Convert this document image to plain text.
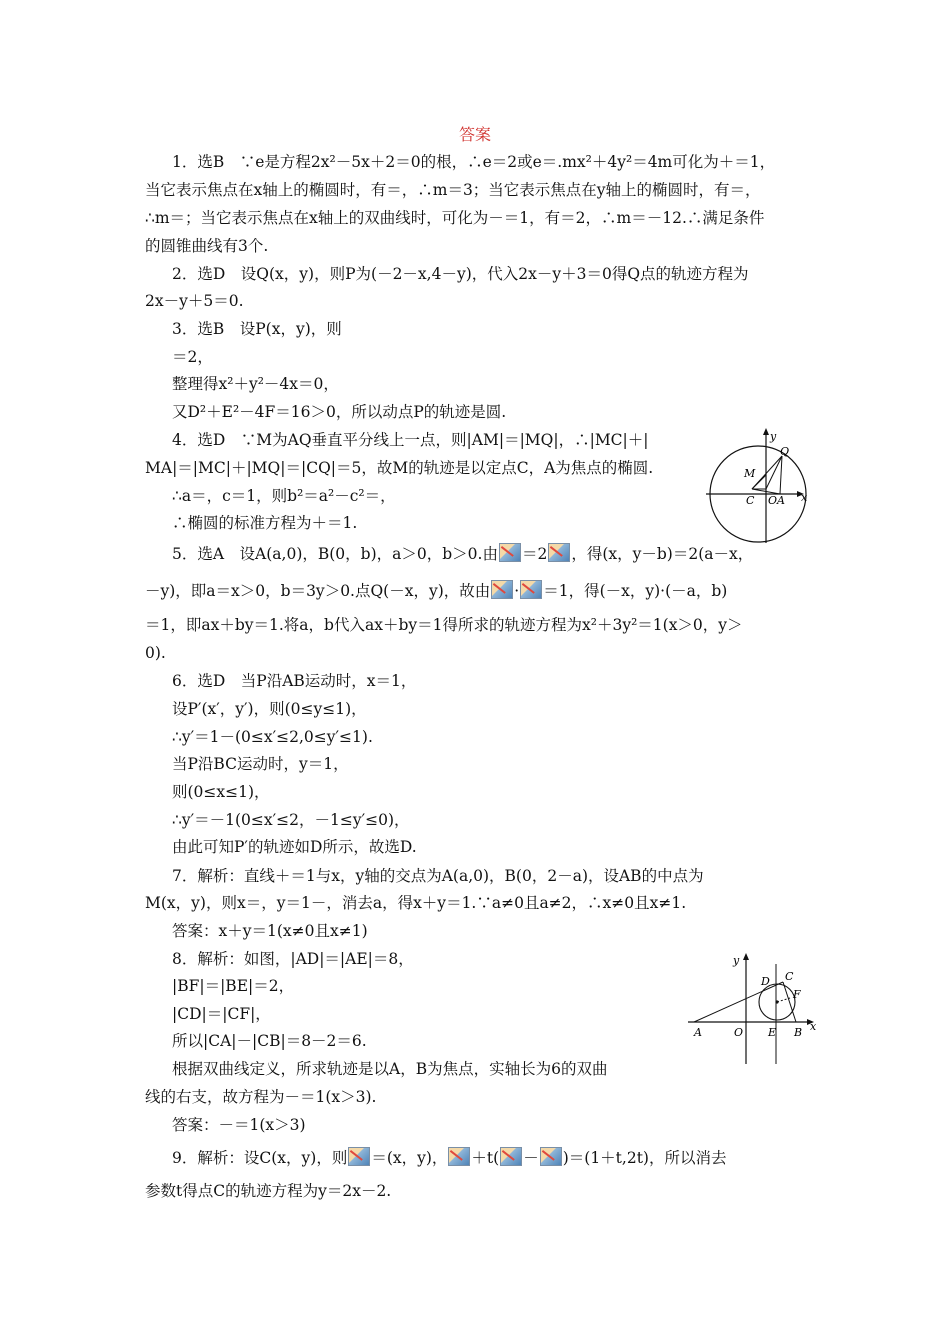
答案
1．选B　∵e是方程2x²－5x＋2＝0的根，∴e＝2或e＝.mx²＋4y²＝4m可化为＋＝1，
当它表示焦点在x轴上的椭圆时，有＝，∴m＝3；当它表示焦点在y轴上的椭圆时，有＝，
∴m＝；当它表示焦点在x轴上的双曲线时，可化为－＝1，有＝2，∴m＝－12.∴满足条件
的圆锥曲线有3个.
2．选D　设Q(x，y)，则P为(－2－x,4－y)，代入2x－y＋3＝0得Q点的轨迹方程为
2x－y＋5＝0.
3．选B　设P(x，y)，则
＝2，
整理得x²＋y²－4x＝0，
又D²＋E²－4F＝16＞0，所以动点P的轨迹是圆.
4．选D　∵M为AQ垂直平分线上一点，则|AM|＝|MQ|，∴|MC|＋|
MA|＝|MC|＋|MQ|＝|CQ|＝5，故M的轨迹是以定点C，A为焦点的椭圆.
∴a＝，c＝1，则b²＝a²－c²＝，
∴椭圆的标准方程为＋＝1.
y
x
Q
M
C O A
5．选A　设A(a,0)，B(0，b)，a＞0，b＞0.由 ＝2 ，得(x，y－b)＝2(a－x，
－y)，即a＝x＞0，b＝3y＞0.点Q(－x，y)，故由 · ＝1，得(－x，y)·(－a，b)
＝1，即ax＋by＝1.将a，b代入ax＋by＝1得所求的轨迹方程为x²＋3y²＝1(x＞0，y＞
0).
6．选D　当P沿AB运动时，x＝1，
设P′(x′，y′)，则(0≤y≤1)，
∴y′＝1－(0≤x′≤2,0≤y′≤1).
当P沿BC运动时，y＝1，
则(0≤x≤1)，
∴y′＝－1(0≤x′≤2，－1≤y′≤0)，
由此可知P′的轨迹如D所示，故选D.
7．解析：直线＋＝1与x，y轴的交点为A(a,0)，B(0，2－a)，设AB的中点为
M(x，y)，则x＝，y＝1－，消去a，得x＋y＝1.∵a≠0且a≠2，∴x≠0且x≠1.
答案：x＋y＝1(x≠0且x≠1)
8．解析：如图，|AD|＝|AE|＝8，
|BF|＝|BE|＝2，
|CD|＝|CF|，
所以|CA|－|CB|＝8－2＝6.
根据双曲线定义，所求轨迹是以A，B为焦点，实轴长为6的双曲
线的右支，故方程为－＝1(x＞3).
答案：－＝1(x＞3)
y
x
A	O E B
D C
F
9．解析：设C(x，y)，则 ＝(x，y)， ＋t( － )＝(1＋t,2t)，所以消去
参数t得点C的轨迹方程为y＝2x－2.
